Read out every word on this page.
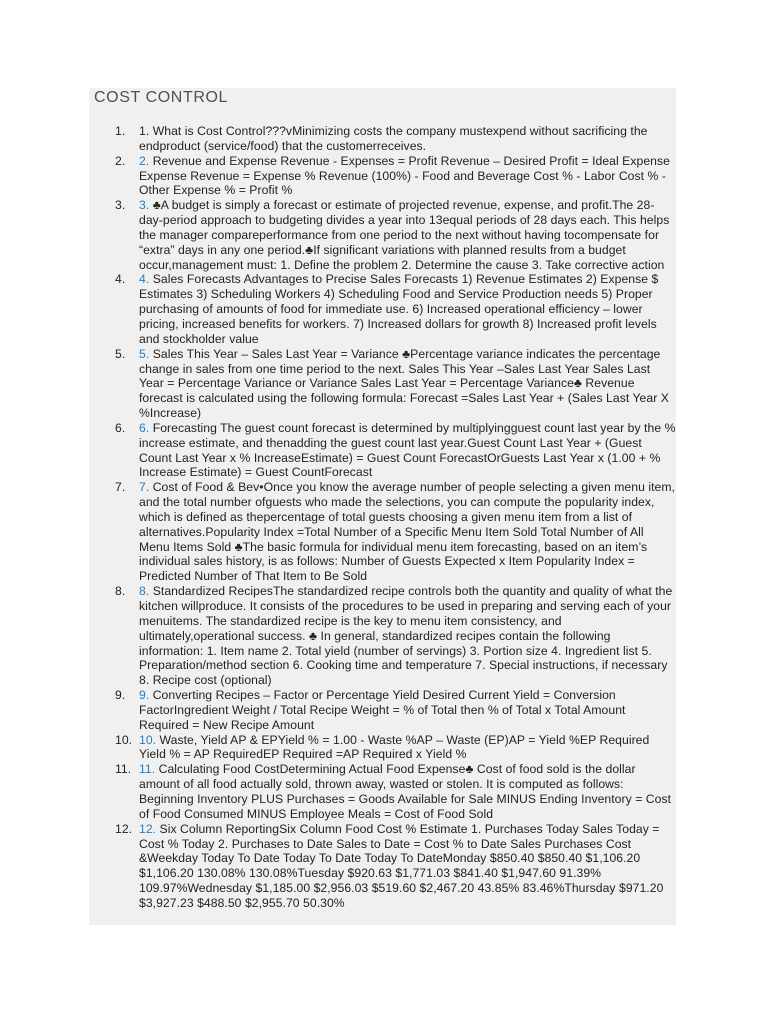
COST CONTROL
1. 1. What is Cost Control???vMinimizing costs the company mustexpend without sacrificing the endproduct (service/food) that the customerreceives.
2. 2. Revenue and Expense Revenue - Expenses = Profit Revenue – Desired Profit = Ideal Expense Expense Revenue = Expense % Revenue (100%) - Food and Beverage Cost % - Labor Cost % - Other Expense % = Profit %
3. 3. ♣A budget is simply a forecast or estimate of projected revenue, expense, and profit.The 28-day-period approach to budgeting divides a year into 13equal periods of 28 days each. This helps the manager compareperformance from one period to the next without having tocompensate for “extra” days in any one period.♣If significant variations with planned results from a budget occur,management must: 1. Define the problem 2. Determine the cause 3. Take corrective action
4. 4. Sales Forecasts Advantages to Precise Sales Forecasts 1) Revenue Estimates 2) Expense $ Estimates 3) Scheduling Workers 4) Scheduling Food and Service Production needs 5) Proper purchasing of amounts of food for immediate use. 6) Increased operational efficiency – lower pricing, increased benefits for workers. 7) Increased dollars for growth 8) Increased profit levels and stockholder value
5. 5. Sales This Year – Sales Last Year = Variance ♣Percentage variance indicates the percentage change in sales from one time period to the next. Sales This Year –Sales Last Year Sales Last Year = Percentage Variance or Variance Sales Last Year = Percentage Variance♣ Revenue forecast is calculated using the following formula: Forecast =Sales Last Year + (Sales Last Year X %Increase)
6. 6. Forecasting The guest count forecast is determined by multiplyingguest count last year by the % increase estimate, and thenadding the guest count last year.Guest Count Last Year + (Guest Count Last Year x % IncreaseEstimate) = Guest Count ForecastOrGuests Last Year x (1.00 + % Increase Estimate) = Guest CountForecast
7. 7. Cost of Food & Bev•Once you know the average number of people selecting a given menu item, and the total number ofguests who made the selections, you can compute the popularity index, which is defined as thepercentage of total guests choosing a given menu item from a list of alternatives.Popularity Index =Total Number of a Specific Menu Item Sold Total Number of All Menu Items Sold ♣The basic formula for individual menu item forecasting, based on an item’s individual sales history, is as follows: Number of Guests Expected x Item Popularity Index = Predicted Number of That Item to Be Sold
8. 8. Standardized RecipesThe standardized recipe controls both the quantity and quality of what the kitchen willproduce. It consists of the procedures to be used in preparing and serving each of your menuitems. The standardized recipe is the key to menu item consistency, and ultimately,operational success. ♣ In general, standardized recipes contain the following information: 1. Item name 2. Total yield (number of servings) 3. Portion size 4. Ingredient list 5. Preparation/method section 6. Cooking time and temperature 7. Special instructions, if necessary 8. Recipe cost (optional)
9. 9. Converting Recipes – Factor or Percentage Yield Desired Current Yield = Conversion FactorIngredient Weight / Total Recipe Weight = % of Total then % of Total x Total Amount Required = New Recipe Amount
10. 10. Waste, Yield AP & EPYield % = 1.00 - Waste %AP – Waste (EP)AP = Yield %EP Required Yield % = AP RequiredEP Required =AP Required x Yield %
11. 11. Calculating Food CostDetermining Actual Food Expense♣ Cost of food sold is the dollar amount of all food actually sold, thrown away, wasted or stolen. It is computed as follows: Beginning Inventory PLUS Purchases = Goods Available for Sale MINUS Ending Inventory = Cost of Food Consumed MINUS Employee Meals = Cost of Food Sold
12. 12. Six Column ReportingSix Column Food Cost % Estimate 1. Purchases Today Sales Today = Cost % Today 2. Purchases to Date Sales to Date = Cost % to Date Sales Purchases Cost &Weekday Today To Date Today To Date Today To DateMonday $850.40 $850.40 $1,106.20 $1,106.20 130.08% 130.08%Tuesday $920.63 $1,771.03 $841.40 $1,947.60 91.39% 109.97%Wednesday $1,185.00 $2,956.03 $519.60 $2,467.20 43.85% 83.46%Thursday $971.20 $3,927.23 $488.50 $2,955.70 50.30%
